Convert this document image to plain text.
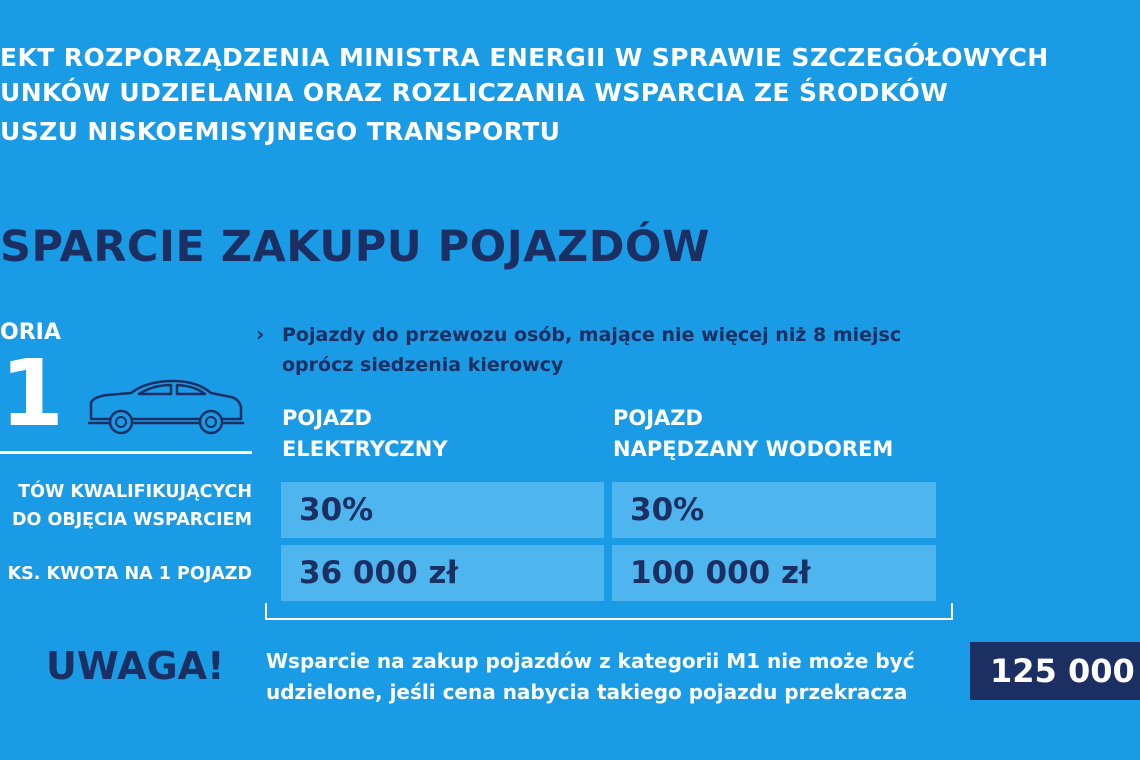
EKT ROZPORZĄDZENIA MINISTRA ENERGII W SPRAWIE SZCZEGÓŁOWYCH
UNKÓW UDZIELANIA ORAZ ROZLICZANIA WSPARCIA ZE ŚRODKÓW
USZU NISKOEMISYJNEGO TRANSPORTU
SPARCIE ZAKUPU POJAZDÓW
ORIA
1
› Pojazdy do przewozu osób, mające nie więcej niż 8 miejsc
oprócz siedzenia kierowcy
POJAZD
ELEKTRYCZNY
POJAZD
NAPĘDZANY WODOREM
TÓW KWALIFIKUJĄCYCH
DO OBJĘCIA WSPARCIEM
KS. KWOTA NA 1 POJAZD
30%	30%
36 000 zł	100 000 zł
UWAGA! Wsparcie na zakup pojazdów z kategorii M1 nie może być
udzielone, jeśli cena nabycia takiego pojazdu przekracza
125 000
